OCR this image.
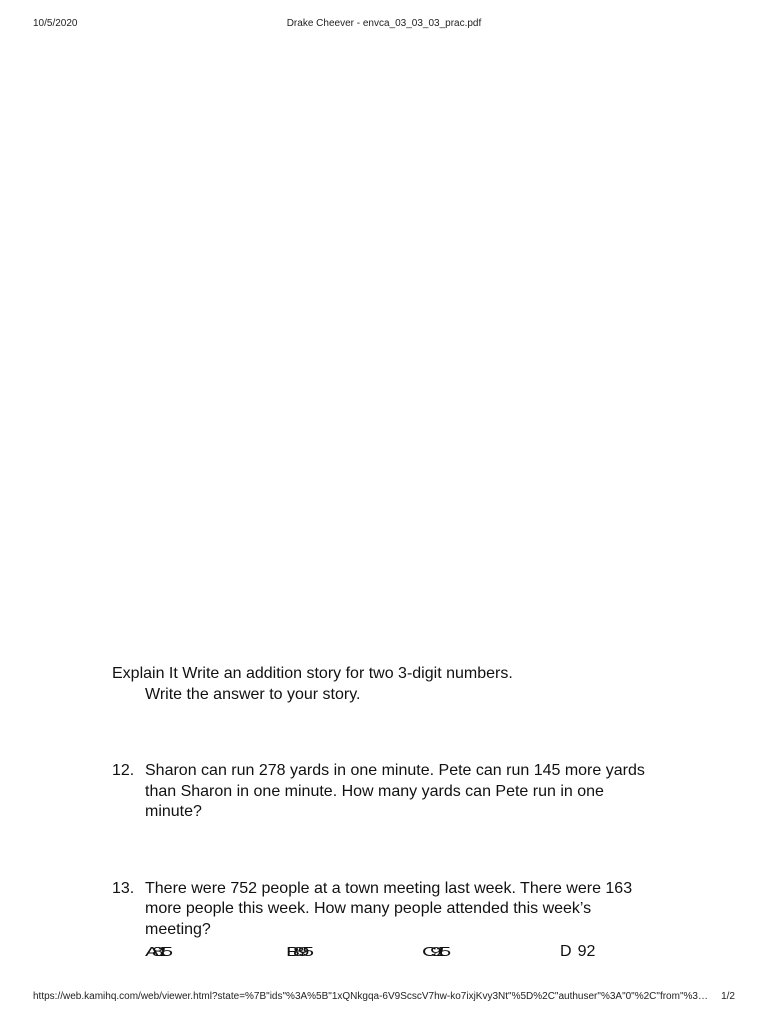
10/5/2020	Drake Cheever - envca_03_03_03_prac.pdf

Explain It Write an addition story for two 3-digit numbers.
Write the answer to your story.

12. Sharon can run 278 yards in one minute. Pete can run 145 more yards than Sharon in one minute. How many yards can Pete run in one minute?
13. There were 752 people at a town meeting last week. There were 163 more people this week. How many people attended this week’s meeting?
A815	B895	C915	D 92
https://web.kamihq.com/web/viewer.html?state=%7B"ids"%3A%5B"1xQNkgqa-6V9ScscV7hw-ko7ixjKvy3Nt"%5D%2C"authuser"%3A"0"%2C"from"%3…	1/2
